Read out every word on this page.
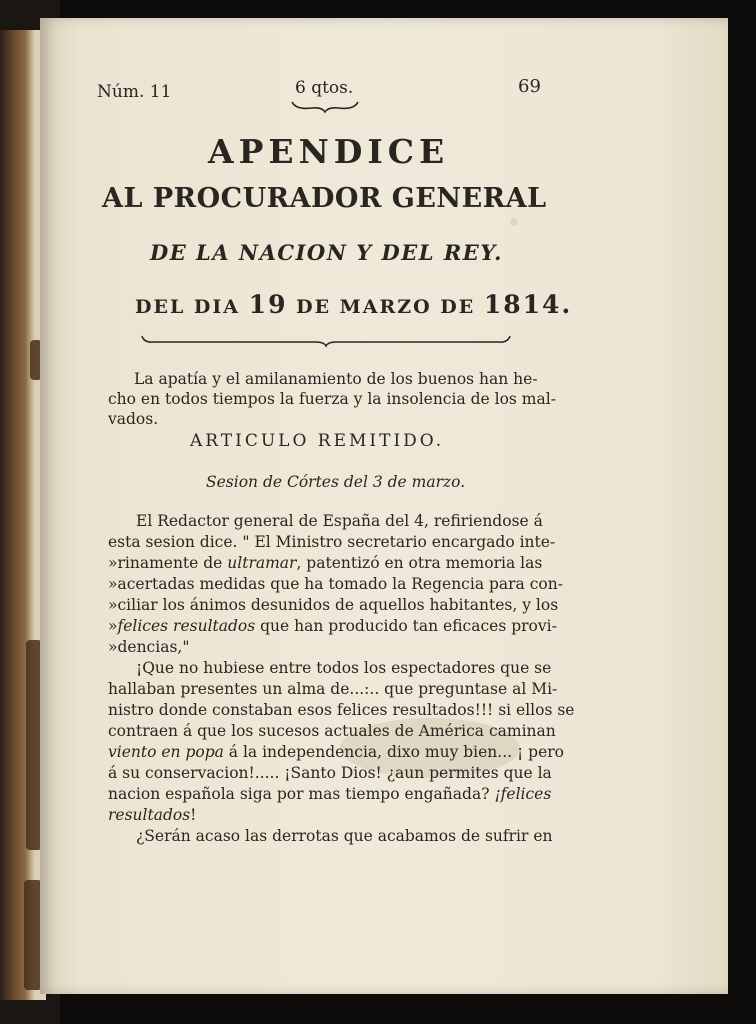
Núm. 11	6 qtos.	69
APENDICE
AL PROCURADOR GENERAL
DE LA NACION Y DEL REY.
DEL DIA 19 DE MARZO DE 1814.
La apatía y el amilanamiento de los buenos han he-
cho en todos tiempos la fuerza y la insolencia de los mal-
vados.
ARTICULO REMITIDO.
Sesion de Córtes del 3 de marzo.
El Redactor general de España del 4, refiriendose á
esta sesion dice. " El Ministro secretario encargado inte-
»rinamente de ultramar, patentizó en otra memoria las
»acertadas medidas que ha tomado la Regencia para con-
»ciliar los ánimos desunidos de aquellos habitantes, y los
»felices resultados que han producido tan eficaces provi-
»dencias,"
¡Que no hubiese entre todos los espectadores que se
hallaban presentes un alma de...:.. que preguntase al Mi-
nistro donde constaban esos felices resultados!!! si ellos se
contraen á que los sucesos actuales de América caminan
viento en popa á la independencia, dixo muy bien... ¡ pero
á su conservacion!..... ¡Santo Dios! ¿aun permites que la
nacion española siga por mas tiempo engañada? ¡felices
resultados!
¿Serán acaso las derrotas que acabamos de sufrir en
